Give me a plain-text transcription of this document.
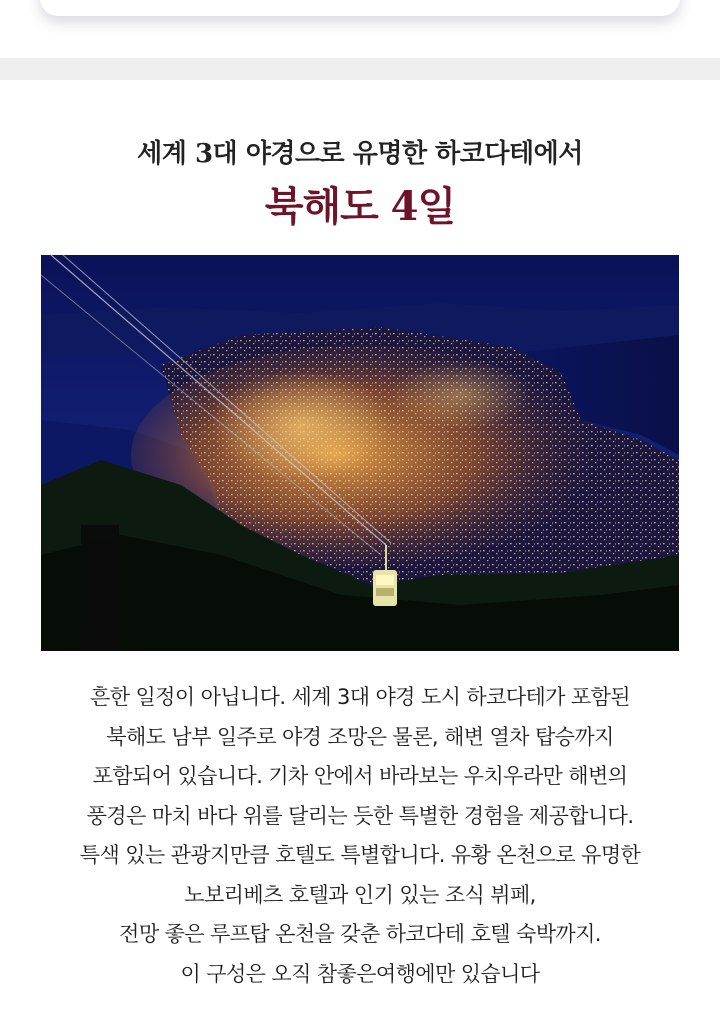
세계 3대 야경으로 유명한 하코다테에서
북해도 4일
흔한 일정이 아닙니다. 세계 3대 야경 도시 하코다테가 포함된
북해도 남부 일주로 야경 조망은 물론, 해변 열차 탑승까지
포함되어 있습니다. 기차 안에서 바라보는 우치우라만 해변의
풍경은 마치 바다 위를 달리는 듯한 특별한 경험을 제공합니다.
특색 있는 관광지만큼 호텔도 특별합니다. 유황 온천으로 유명한
노보리베츠 호텔과 인기 있는 조식 뷔페,
전망 좋은 루프탑 온천을 갖춘 하코다테 호텔 숙박까지.
이 구성은 오직 참좋은여행에만 있습니다
